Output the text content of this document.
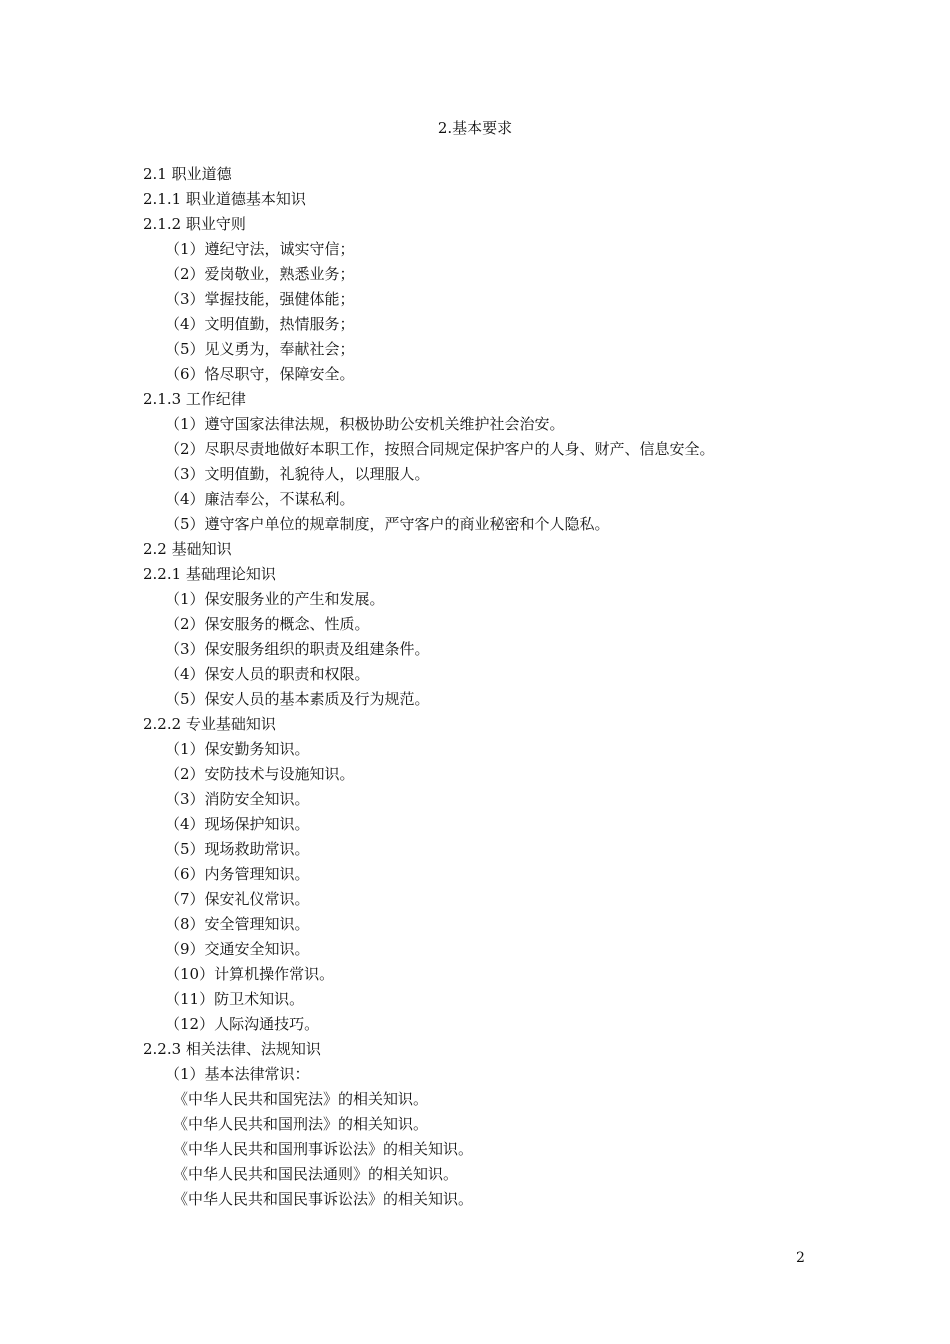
2.基本要求
2.1 职业道德
2.1.1 职业道德基本知识
2.1.2 职业守则
（1）遵纪守法，诚实守信；
（2）爱岗敬业，熟悉业务；
（3）掌握技能，强健体能；
（4）文明值勤，热情服务；
（5）见义勇为，奉献社会；
（6）恪尽职守，保障安全。
2.1.3 工作纪律
（1）遵守国家法律法规，积极协助公安机关维护社会治安。
（2）尽职尽责地做好本职工作，按照合同规定保护客户的人身、财产、信息安全。
（3）文明值勤，礼貌待人，以理服人。
（4）廉洁奉公，不谋私利。
（5）遵守客户单位的规章制度，严守客户的商业秘密和个人隐私。
2.2 基础知识
2.2.1 基础理论知识
（1）保安服务业的产生和发展。
（2）保安服务的概念、性质。
（3）保安服务组织的职责及组建条件。
（4）保安人员的职责和权限。
（5）保安人员的基本素质及行为规范。
2.2.2 专业基础知识
（1）保安勤务知识。
（2）安防技术与设施知识。
（3）消防安全知识。
（4）现场保护知识。
（5）现场救助常识。
（6）内务管理知识。
（7）保安礼仪常识。
（8）安全管理知识。
（9）交通安全知识。
（10）计算机操作常识。
（11）防卫术知识。
（12）人际沟通技巧。
2.2.3 相关法律、法规知识
（1）基本法律常识：
《中华人民共和国宪法》的相关知识。
《中华人民共和国刑法》的相关知识。
《中华人民共和国刑事诉讼法》的相关知识。
《中华人民共和国民法通则》的相关知识。
《中华人民共和国民事诉讼法》的相关知识。
2
